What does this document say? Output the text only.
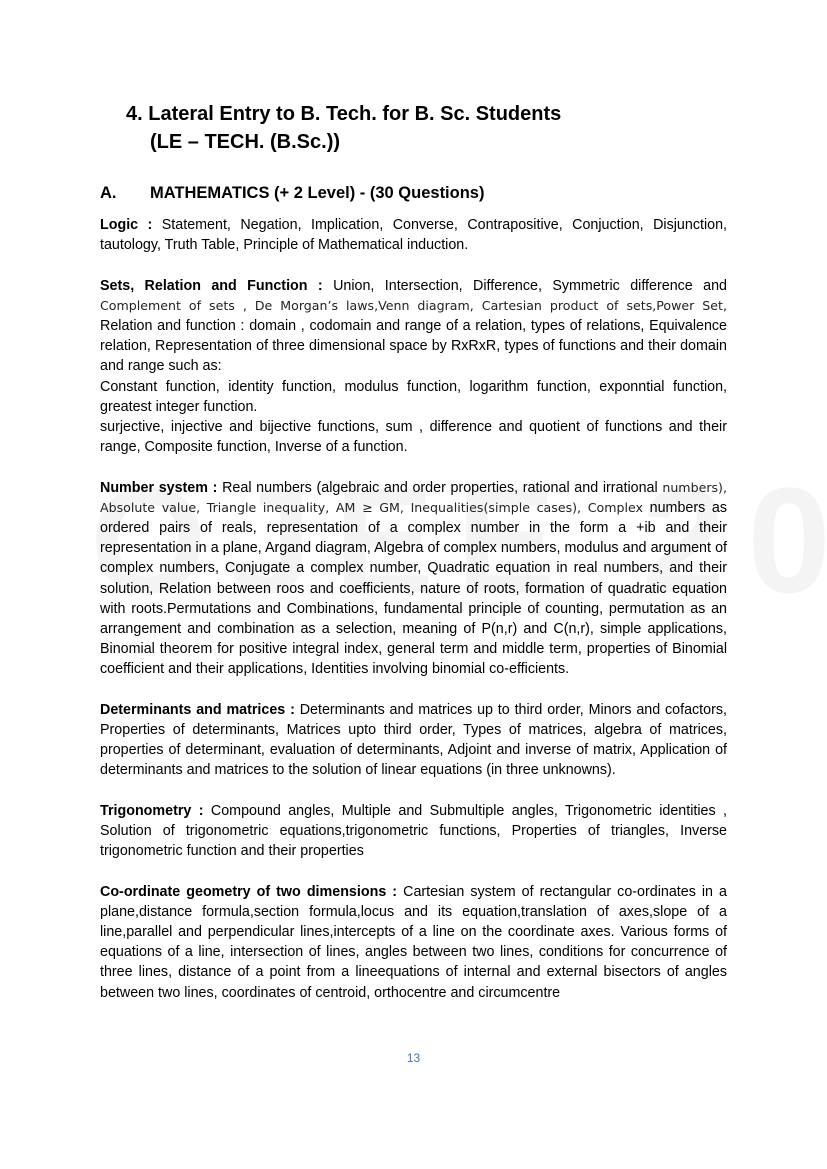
4. Lateral Entry to B. Tech. for B. Sc. Students
(LE – TECH. (B.Sc.))
A. MATHEMATICS (+ 2 Level) - (30 Questions)

Logic : Statement, Negation, Implication, Converse, Contrapositive, Conjuction, Disjunction, tautology, Truth Table, Principle of Mathematical induction.

Sets, Relation and Function : Union, Intersection, Difference, Symmetric difference and Complement of sets , De Morgan’s laws,Venn diagram, Cartesian product of sets,Power Set, Relation and function : domain , codomain and range of a relation, types of relations, Equivalence relation, Representation of three dimensional space by RxRxR, types of functions and their domain and range such as:

Constant function, identity function, modulus function, logarithm function, exponntial function, greatest integer function.

surjective, injective and bijective functions, sum , difference and quotient of functions and their range, Composite function, Inverse of a function.

Number system : Real numbers (algebraic and order properties, rational and irrational numbers), Absolute value, Triangle inequality, AM ≥ GM, Inequalities(simple cases), Complex numbers as ordered pairs of reals, representation of a complex number in the form a +ib and their representation in a plane, Argand diagram, Algebra of complex numbers, modulus and argument of complex numbers, Conjugate a complex number, Quadratic equation in real numbers, and their solution, Relation between roos and coefficients, nature of roots, formation of quadratic equation with roots.Permutations and Combinations, fundamental principle of counting, permutation as an arrangement and combination as a selection, meaning of P(n,r) and C(n,r), simple applications, Binomial theorem for positive integral index, general term and middle term, properties of Binomial coefficient and their applications, Identities involving binomial co-efficients.

Determinants and matrices : Determinants and matrices up to third order, Minors and cofactors, Properties of determinants, Matrices upto third order, Types of matrices, algebra of matrices, properties of determinant, evaluation of determinants, Adjoint and inverse of matrix, Application of determinants and matrices to the solution of linear equations (in three unknowns).

Trigonometry : Compound angles, Multiple and Submultiple angles, Trigonometric identities , Solution of trigonometric equations,trigonometric functions, Properties of triangles, Inverse trigonometric function and their properties

Co-ordinate geometry of two dimensions : Cartesian system of rectangular co-ordinates in a plane,distance formula,section formula,locus and its equation,translation of axes,slope of a line,parallel and perpendicular lines,intercepts of a line on the coordinate axes. Various forms of equations of a line, intersection of lines, angles between two lines, conditions for concurrence of three lines, distance of a point from a lineequations of internal and external bisectors of angles between two lines, coordinates of centroid, orthocentre and circumcentre

13
